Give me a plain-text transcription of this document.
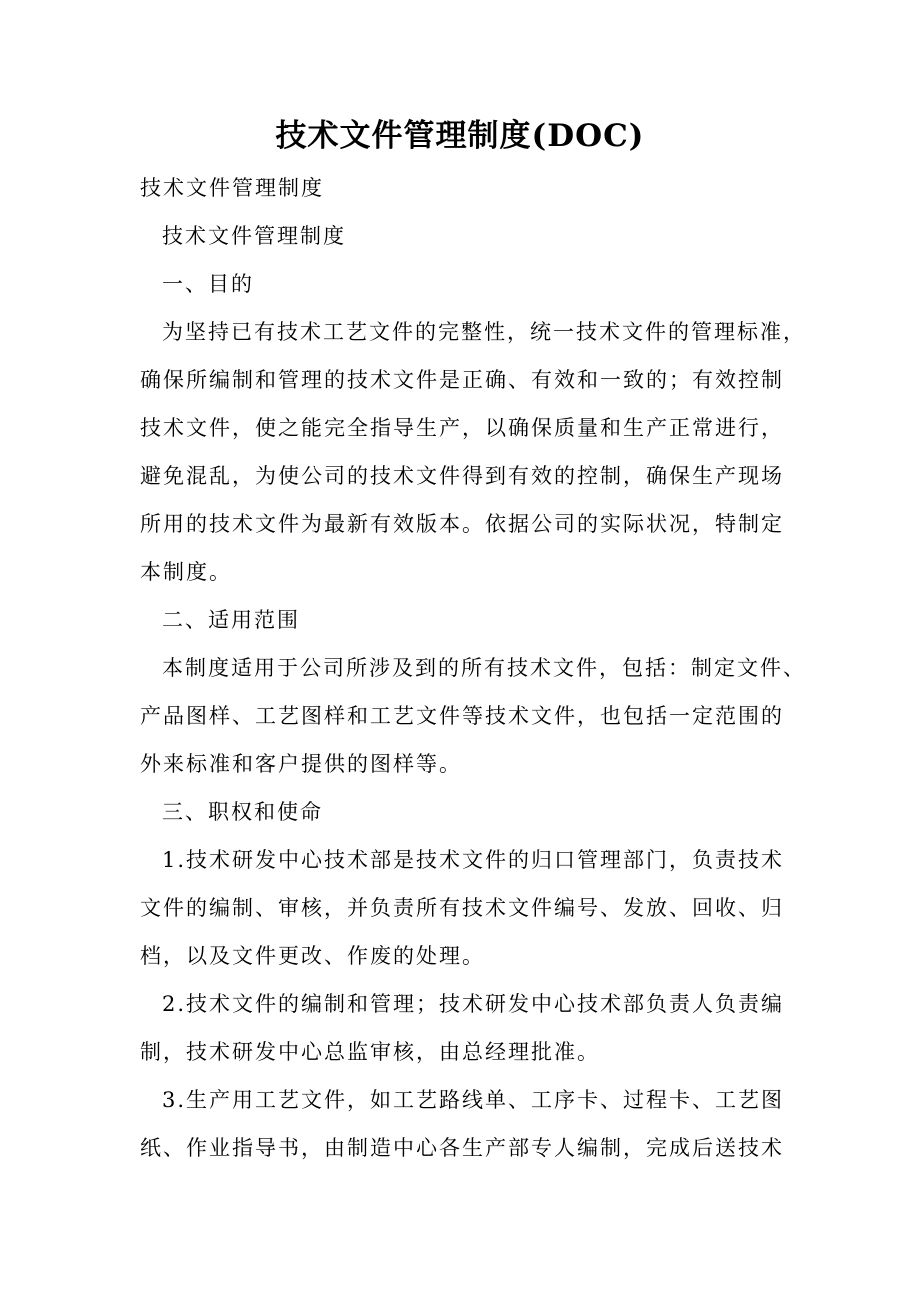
技术文件管理制度(DOC)
技术文件管理制度
技术文件管理制度
一、目的
为坚持已有技术工艺文件的完整性，统一技术文件的管理标准，
确保所编制和管理的技术文件是正确、有效和一致的；有效控制
技术文件，使之能完全指导生产，以确保质量和生产正常进行，
避免混乱，为使公司的技术文件得到有效的控制，确保生产现场
所用的技术文件为最新有效版本。依据公司的实际状况，特制定
本制度。
二、适用范围
本制度适用于公司所涉及到的所有技术文件，包括：制定文件、
产品图样、工艺图样和工艺文件等技术文件，也包括一定范围的
外来标准和客户提供的图样等。
三、职权和使命
1.技术研发中心技术部是技术文件的归口管理部门，负责技术
文件的编制、审核，并负责所有技术文件编号、发放、回收、归
档，以及文件更改、作废的处理。
2.技术文件的编制和管理；技术研发中心技术部负责人负责编
制，技术研发中心总监审核，由总经理批准。
3.生产用工艺文件，如工艺路线单、工序卡、过程卡、工艺图
纸、作业指导书，由制造中心各生产部专人编制，完成后送技术
